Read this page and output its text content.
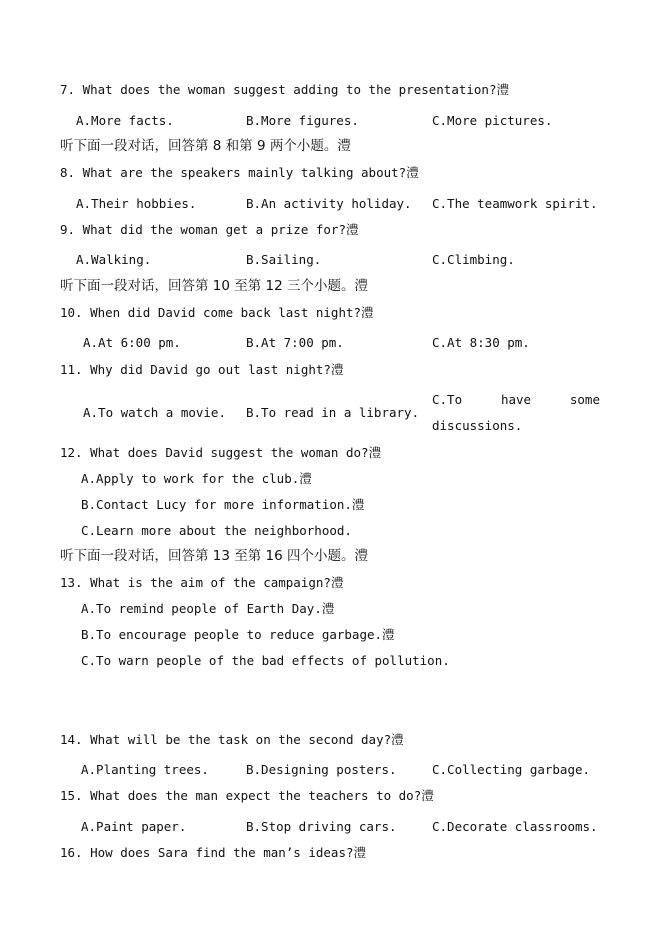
7. What does the woman suggest adding to the presentation?澧
A.More facts.	B.More figures.	C.More pictures.
听下面一段对话，回答第 8 和第 9 两个小题。澧
8. What are the speakers mainly talking about?澧
A.Their hobbies.	B.An activity holiday. C.The teamwork spirit.
9. What did the woman get a prize for?澧
A.Walking.	B.Sailing.	C.Climbing.
听下面一段对话，回答第 10 至第 12 三个小题。澧
10. When did David come back last night?澧
A.At 6:00 pm.	B.At 7:00 pm.	C.At 8:30 pm.
11. Why did David go out last night?澧
A.To watch a movie. B.To read in a library.
C.To	have	some
discussions.
12. What does David suggest the woman do?澧
A.Apply to work for the club.澧
B.Contact Lucy for more information.澧
C.Learn more about the neighborhood.
听下面一段对话，回答第 13 至第 16 四个小题。澧
13. What is the aim of the campaign?澧
A.To remind people of Earth Day.澧
B.To encourage people to reduce garbage.澧
C.To warn people of the bad effects of pollution.
14. What will be the task on the second day?澧
A.Planting trees.	B.Designing posters.	C.Collecting garbage.
15. What does the man expect the teachers to do?澧
A.Paint paper.	B.Stop driving cars.	C.Decorate classrooms.
16. How does Sara find the man’s ideas?澧
